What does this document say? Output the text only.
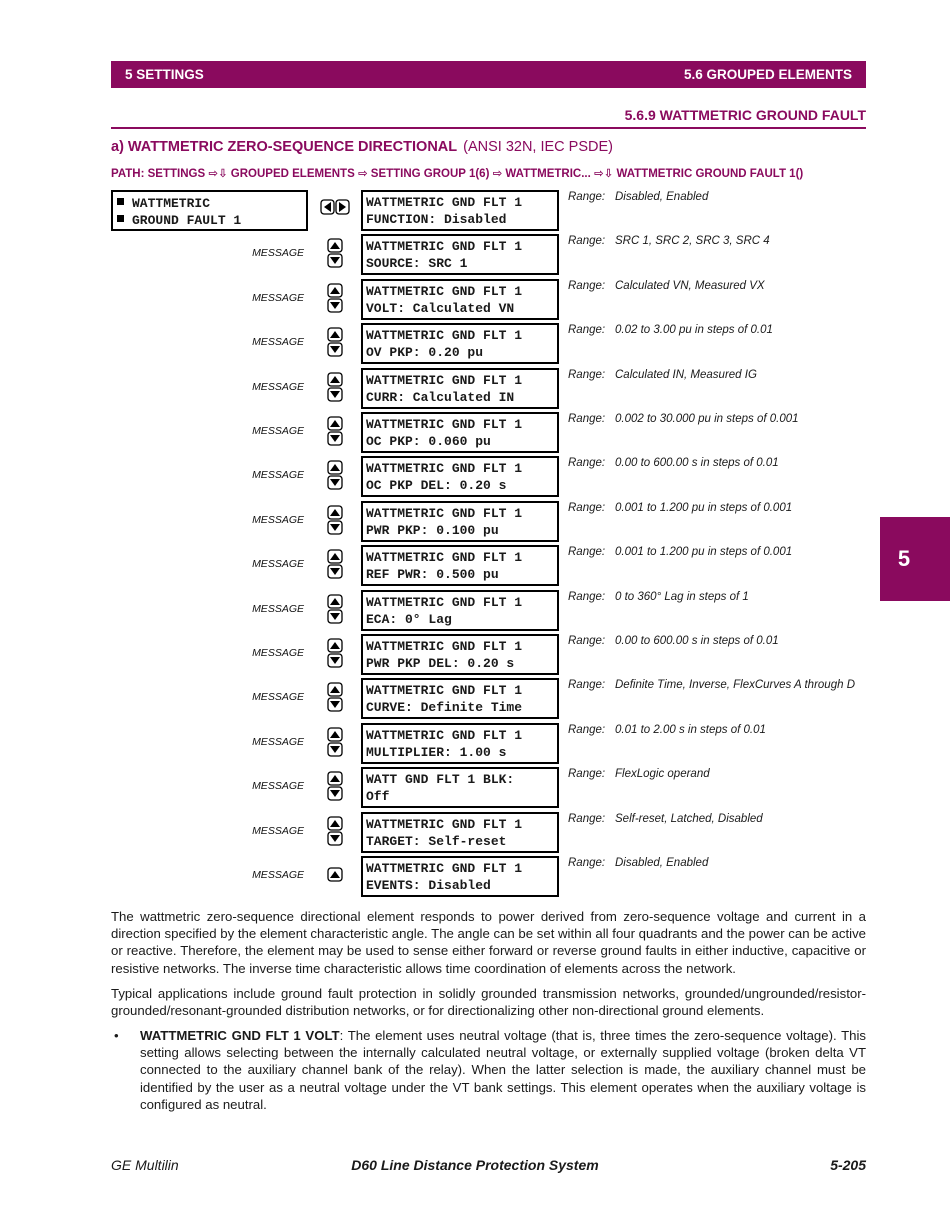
5 SETTINGS	5.6 GROUPED ELEMENTS
5.6.9 WATTMETRIC GROUND FAULT
a) WATTMETRIC ZERO-SEQUENCE DIRECTIONAL (ANSI 32N, IEC PSDE)
PATH: SETTINGS ⇨⇩ GROUPED ELEMENTS ⇨ SETTING GROUP 1(6) ⇨ WATTMETRIC... ⇨⇩ WATTMETRIC GROUND FAULT 1()
WATTMETRIC
GROUND FAULT 1
WATTMETRIC GND FLT 1
FUNCTION: Disabled
Range: Disabled, Enabled
MESSAGE	WATTMETRIC GND FLT 1
SOURCE: SRC 1
Range: SRC 1, SRC 2, SRC 3, SRC 4
MESSAGE	WATTMETRIC GND FLT 1
VOLT: Calculated VN
Range: Calculated VN, Measured VX
MESSAGE	WATTMETRIC GND FLT 1
OV PKP: 0.20 pu
Range: 0.02 to 3.00 pu in steps of 0.01
MESSAGE	WATTMETRIC GND FLT 1
CURR: Calculated IN
Range: Calculated IN, Measured IG
MESSAGE	WATTMETRIC GND FLT 1
OC PKP: 0.060 pu
Range: 0.002 to 30.000 pu in steps of 0.001
MESSAGE	WATTMETRIC GND FLT 1
OC PKP DEL: 0.20 s
Range: 0.00 to 600.00 s in steps of 0.01
MESSAGE	WATTMETRIC GND FLT 1
PWR PKP: 0.100 pu
Range: 0.001 to 1.200 pu in steps of 0.001
MESSAGE	WATTMETRIC GND FLT 1
REF PWR: 0.500 pu
Range: 0.001 to 1.200 pu in steps of 0.001
MESSAGE	WATTMETRIC GND FLT 1
ECA: 0° Lag
Range: 0 to 360° Lag in steps of 1
MESSAGE	WATTMETRIC GND FLT 1
PWR PKP DEL: 0.20 s
Range: 0.00 to 600.00 s in steps of 0.01
MESSAGE	WATTMETRIC GND FLT 1
CURVE: Definite Time
Range: Definite Time, Inverse, FlexCurves A through D
MESSAGE	WATTMETRIC GND FLT 1
MULTIPLIER: 1.00 s
Range: 0.01 to 2.00 s in steps of 0.01
MESSAGE	WATT GND FLT 1 BLK:
Off
Range: FlexLogic operand
MESSAGE	WATTMETRIC GND FLT 1
TARGET: Self-reset
Range: Self-reset, Latched, Disabled
MESSAGE	WATTMETRIC GND FLT 1
EVENTS: Disabled
Range: Disabled, Enabled
5

The wattmetric zero-sequence directional element responds to power derived from zero-sequence voltage and current in a direction specified by the element characteristic angle. The angle can be set within all four quadrants and the power can be active or reactive. Therefore, the element may be used to sense either forward or reverse ground faults in either inductive, capacitive or resistive networks. The inverse time characteristic allows time coordination of elements across the network.

Typical applications include ground fault protection in solidly grounded transmission networks, grounded/ungrounded/resistor-grounded/resonant-grounded distribution networks, or for directionalizing other non-directional ground elements.

• WATTMETRIC GND FLT 1 VOLT: The element uses neutral voltage (that is, three times the zero-sequence voltage). This setting allows selecting between the internally calculated neutral voltage, or externally supplied voltage (broken delta VT connected to the auxiliary channel bank of the relay). When the latter selection is made, the auxiliary channel must be identified by the user as a neutral voltage under the VT bank settings. This element operates when the auxiliary voltage is configured as neutral.
GE Multilin	D60 Line Distance Protection System	5-205
